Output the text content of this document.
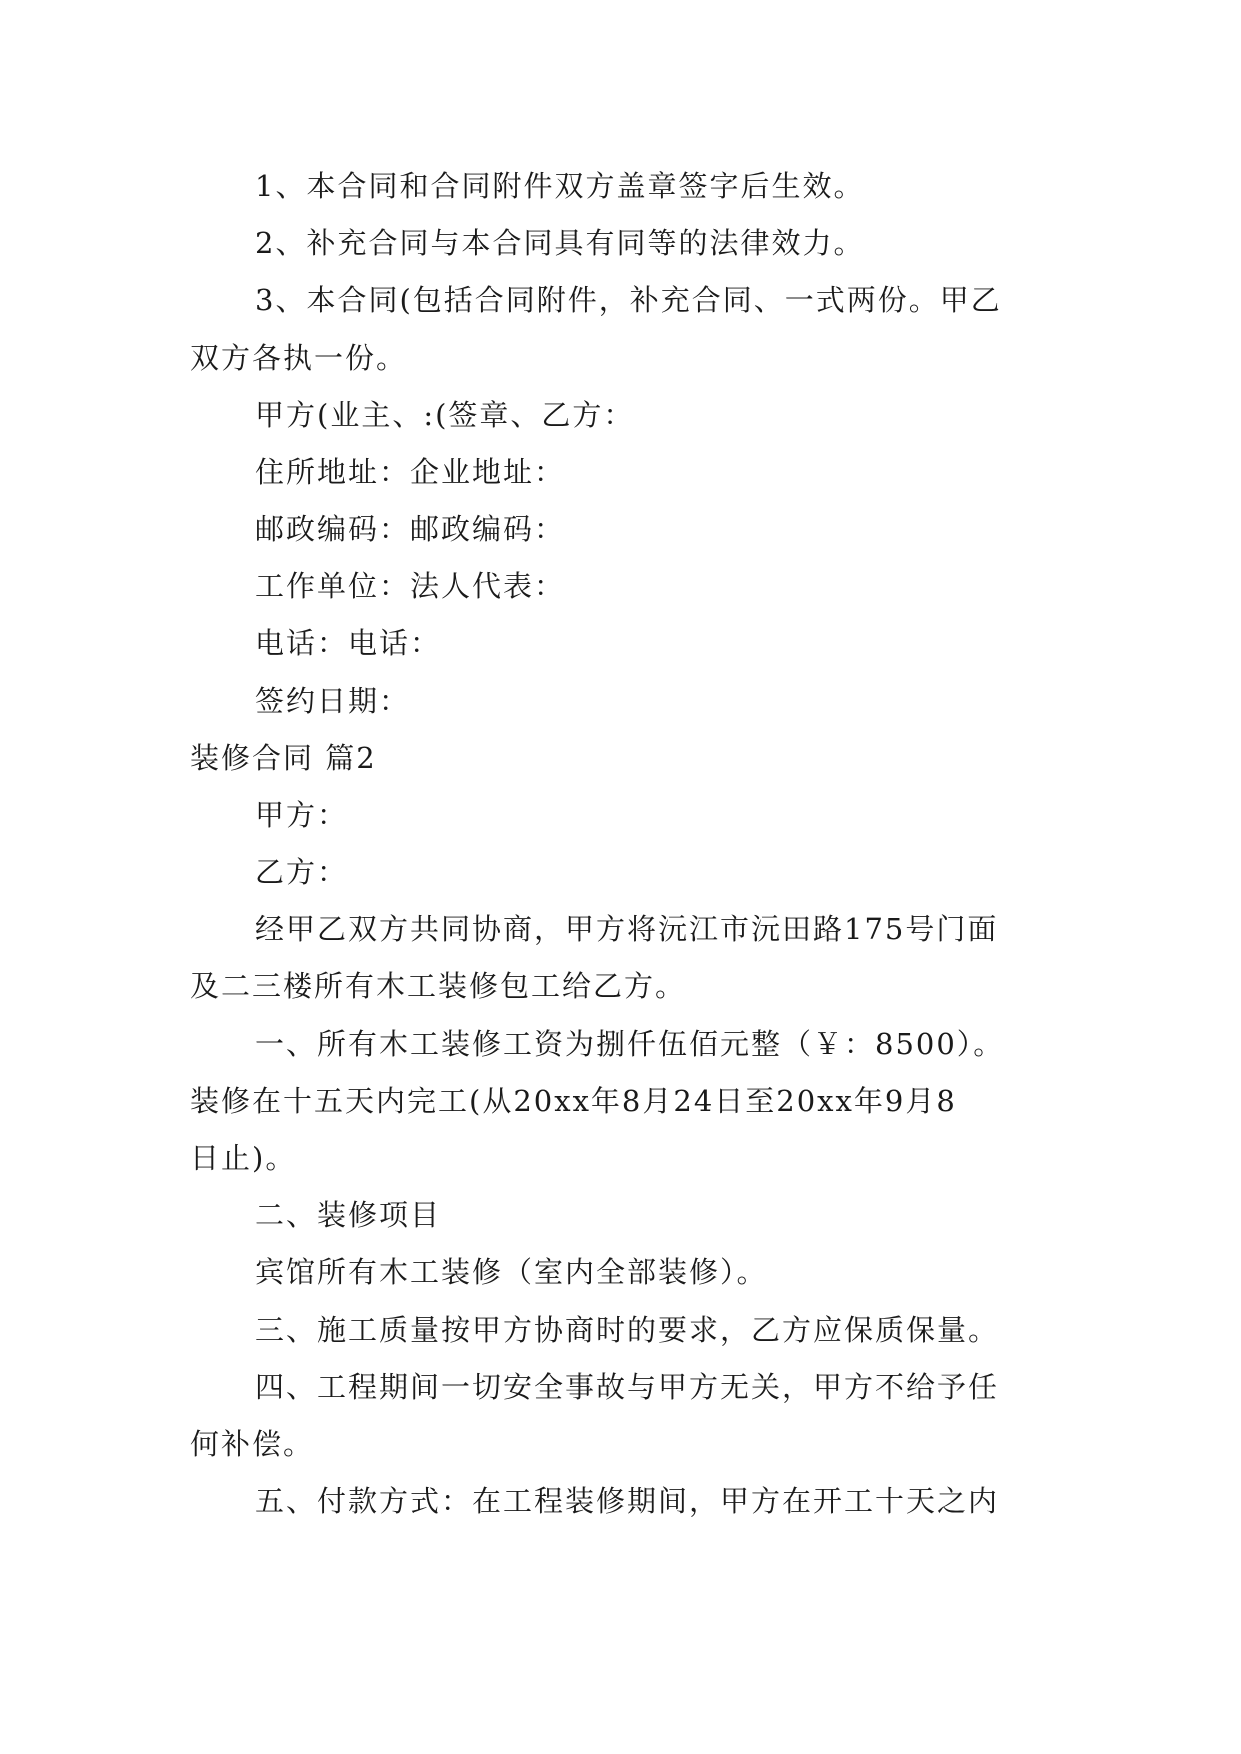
1、本合同和合同附件双方盖章签字后生效。
2、补充合同与本合同具有同等的法律效力。
3、本合同(包括合同附件，补充合同、一式两份。甲乙
双方各执一份。
甲方(业主、:(签章、乙方：
住所地址：企业地址：
邮政编码：邮政编码：
工作单位：法人代表：
电话：电话：
签约日期：
装修合同 篇2
甲方：
乙方：
经甲乙双方共同协商，甲方将沅江市沅田路175号门面
及二三楼所有木工装修包工给乙方。
一、所有木工装修工资为捌仟伍佰元整（￥：8500）。
装修在十五天内完工(从20xx年8月24日至20xx年9月8
日止)。
二、装修项目
宾馆所有木工装修（室内全部装修）。
三、施工质量按甲方协商时的要求，乙方应保质保量。
四、工程期间一切安全事故与甲方无关，甲方不给予任
何补偿。
五、付款方式：在工程装修期间，甲方在开工十天之内
